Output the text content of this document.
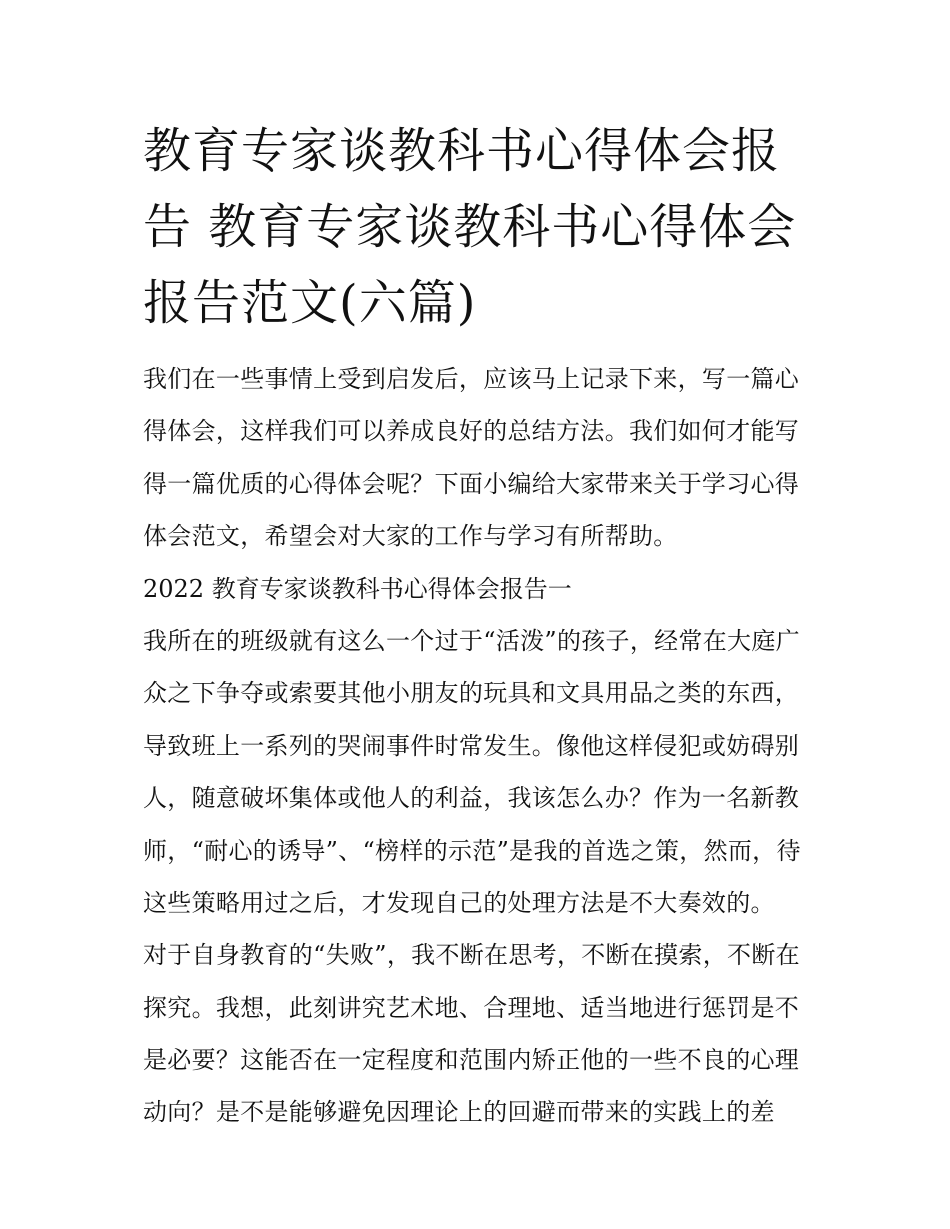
教育专家谈教科书心得体会报
告 教育专家谈教科书心得体会
报告范文(六篇)
我们在一些事情上受到启发后，应该马上记录下来，写一篇心
得体会，这样我们可以养成良好的总结方法。我们如何才能写
得一篇优质的心得体会呢？下面小编给大家带来关于学习心得
体会范文，希望会对大家的工作与学习有所帮助。
2022 教育专家谈教科书心得体会报告一
我所在的班级就有这么一个过于“活泼”的孩子，经常在大庭广
众之下争夺或索要其他小朋友的玩具和文具用品之类的东西，
导致班上一系列的哭闹事件时常发生。像他这样侵犯或妨碍别
人，随意破坏集体或他人的利益，我该怎么办？作为一名新教
师，“耐心的诱导”、“榜样的示范”是我的首选之策，然而，待
这些策略用过之后，才发现自己的处理方法是不大奏效的。
对于自身教育的“失败”，我不断在思考，不断在摸索，不断在
探究。我想，此刻讲究艺术地、合理地、适当地进行惩罚是不
是必要？这能否在一定程度和范围内矫正他的一些不良的心理
动向？是不是能够避免因理论上的回避而带来的实践上的差
